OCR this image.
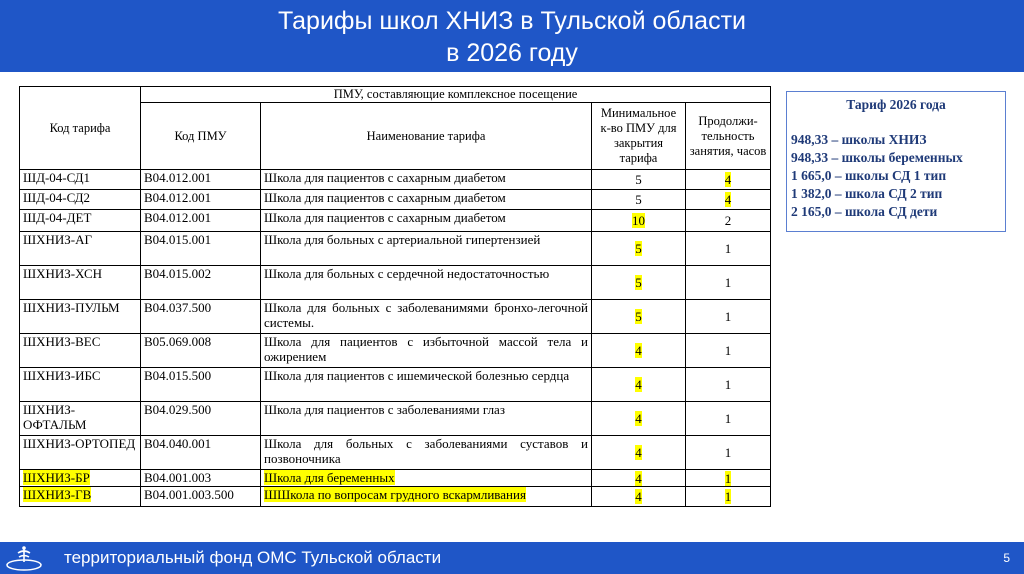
Тарифы школ ХНИЗ в Тульской области
в 2026 году
Код тарифа	ПМУ, составляющие комплексное посещение			
	Код ПМУ	Наименование тарифа	Минимальное к-во ПМУ для закрытия тарифа	Продолжи-тельность занятия, часов
ШД-04-СД1	B04.012.001	Школа для пациентов с сахарным диабетом	5	4
ШД-04-СД2	B04.012.001	Школа для пациентов с сахарным диабетом	5	4
ШД-04-ДЕТ	B04.012.001	Школа для пациентов с сахарным диабетом	10	2
ШХНИЗ-АГ	B04.015.001	Школа для больных с артериальной гипертензией	5	1
ШХНИЗ-ХСН	B04.015.002	Школа для больных с сердечной недостаточностью	5	1
ШХНИЗ-ПУЛЬМ	B04.037.500	Школа для больных с заболеванимями бронхо-легочной системы.	5	1
ШХНИЗ-ВЕС	B05.069.008	Школа для пациентов с избыточной массой тела и ожирением	4	1
ШХНИЗ-ИБС	B04.015.500	Школа для пациентов с ишемической болезнью сердца	4	1
ШХНИЗ-ОФТАЛЬМ	B04.029.500	Школа для пациентов с заболеваниями глаз	4	1
ШХНИЗ-ОРТОПЕД	B04.040.001	Школа для больных с заболеваниями суставов и позвоночника	4	1
ШХНИЗ-БР	B04.001.003	Школа для беременных	4	1
ШХНИЗ-ГВ	B04.001.003.500	ШШкола по вопросам грудного вскармливания	4	1
Тариф 2026 года
948,33 – школы ХНИЗ
948,33 – школы беременных
1 665,0 – школы СД 1 тип
1 382,0 – школа СД 2 тип
2 165,0 – школа СД дети
территориальный фонд ОМС Тульской области	5
